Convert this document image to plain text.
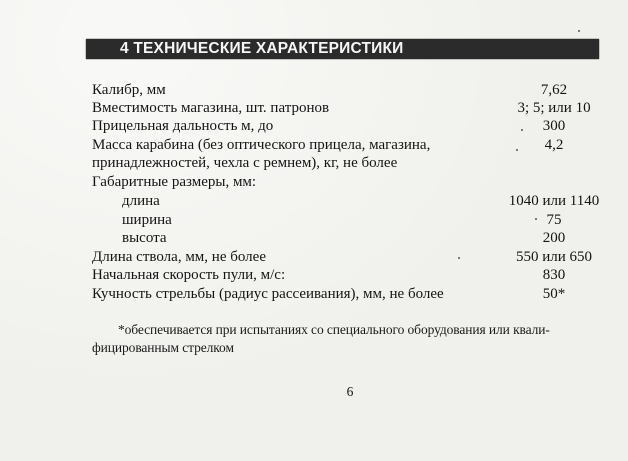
4 ТЕХНИЧЕСКИЕ ХАРАКТЕРИСТИКИ
Калибр, мм	7,62
Вместимость магазина, шт. патронов	3; 5; или 10
Прицельная дальность м, до	300
Масса карабина (без оптического прицела, магазина,	4,2
принадлежностей, чехла с ремнем), кг, не более
Габаритные размеры, мм:
длина	1040 или 1140
ширина	75
высота	200
Длина ствола, мм, не более	550 или 650
Начальная скорость пули, м/с:	830
Кучность стрельбы (радиус рассеивания), мм, не более	50*
*обеспечивается при испытаниях со специального оборудования или квали-
фицированным стрелком
6
